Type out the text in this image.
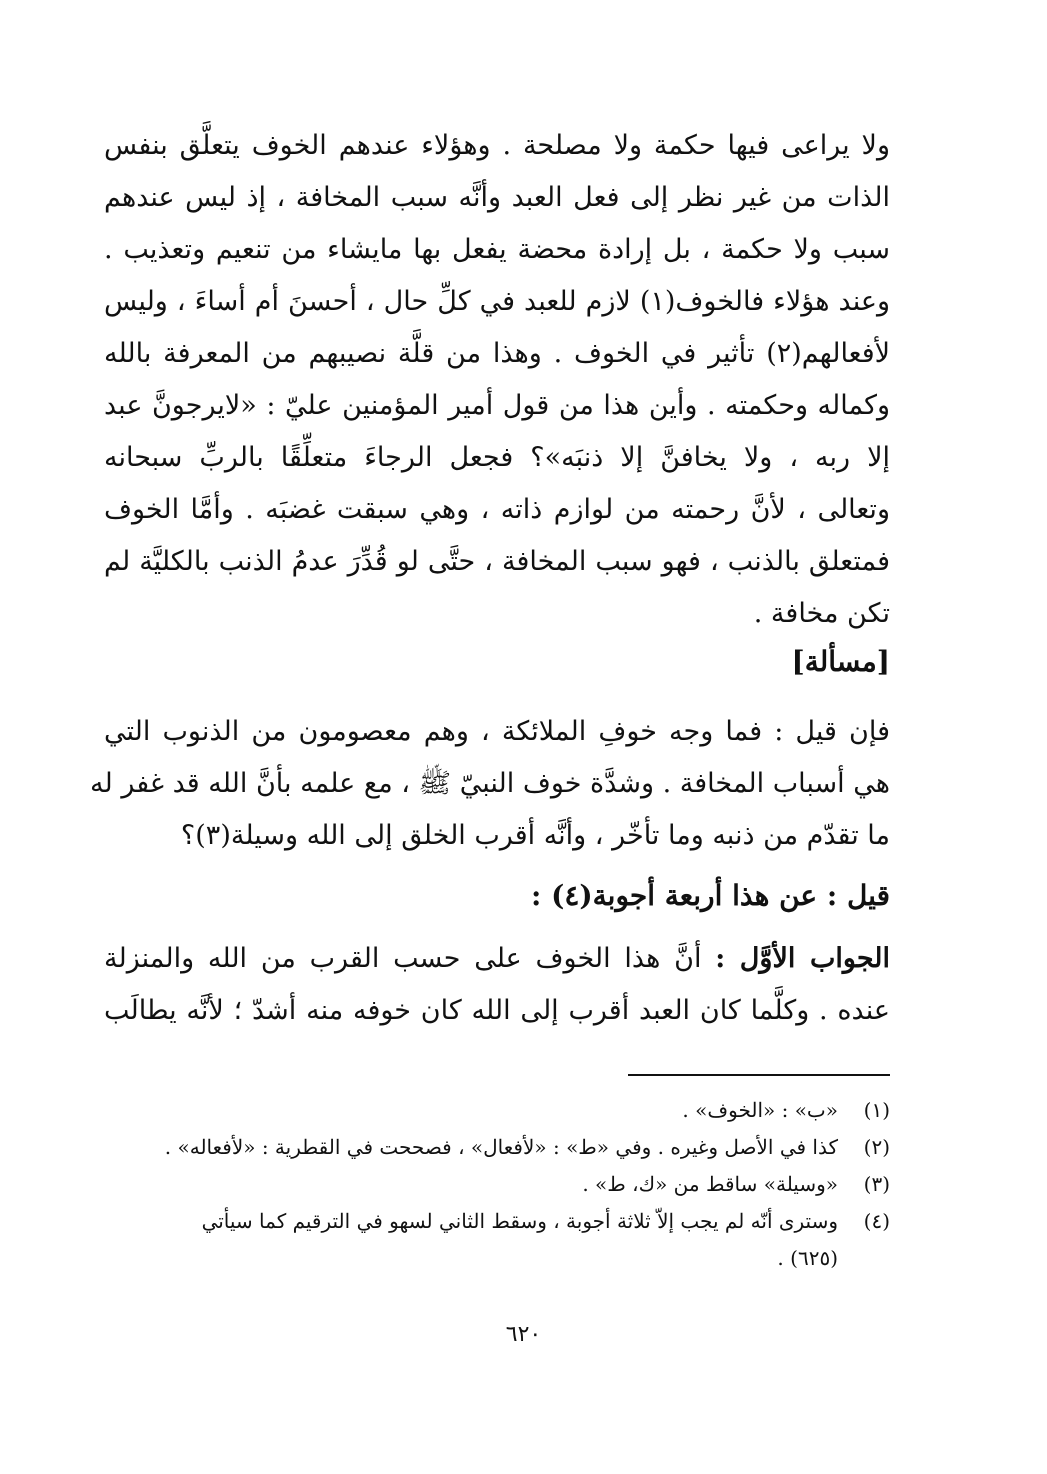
ولا يراعى فيها حكمة ولا مصلحة . وهؤلاء عندهم الخوف يتعلَّق بنفس
الذات من غير نظر إلى فعل العبد وأنَّه سبب المخافة ، إذ ليس عندهم
سبب ولا حكمة ، بل إرادة محضة يفعل بها مايشاء من تنعيم وتعذيب .
وعند هؤلاء فالخوف(١) لازم للعبد في كلِّ حال ، أحسنَ أم أساءَ ، وليس
لأفعالهم(٢) تأثير في الخوف . وهذا من قلَّة نصيبهم من المعرفة بالله
وكماله وحكمته . وأين هذا من قول أمير المؤمنين عليّ : «لايرجونَّ عبد
إلا ربه ، ولا يخافنَّ إلا ذنبَه»؟ فجعل الرجاءَ متعلِّقًا بالربِّ سبحانه
وتعالى ، لأنَّ رحمته من لوازم ذاته ، وهي سبقت غضبَه . وأمَّا الخوف
فمتعلق بالذنب ، فهو سبب المخافة ، حتَّى لو قُدِّرَ عدمُ الذنب بالكليَّة لم
تكن مخافة .
[مسألة]
فإن قيل : فما وجه خوفِ الملائكة ، وهم معصومون من الذنوب التي
هي أسباب المخافة . وشدَّة خوف النبيّ ﷺ ، مع علمه بأنَّ الله قد غفر له
ما تقدّم من ذنبه وما تأخّر ، وأنَّه أقرب الخلق إلى الله وسيلة(٣)؟
قيل : عن هذا أربعة أجوبة(٤) :
الجواب الأوَّل : أنَّ هذا الخوف على حسب القرب من الله والمنزلة
عنده . وكلَّما كان العبد أقرب إلى الله كان خوفه منه أشدّ ؛ لأنَّه يطالَب
(١)
«ب» : «الخوف» .
(٢)
كذا في الأصل وغيره . وفي «ط» : «لأفعال» ، فصححت في القطرية : «لأفعاله» .
(٣)
«وسيلة» ساقط من «ك، ط» .
(٤)
وسترى أنّه لم يجب إلاّ ثلاثة أجوبة ، وسقط الثاني لسهو في الترقيم كما سيأتي
(٦٢٥) .
٦٢٠
